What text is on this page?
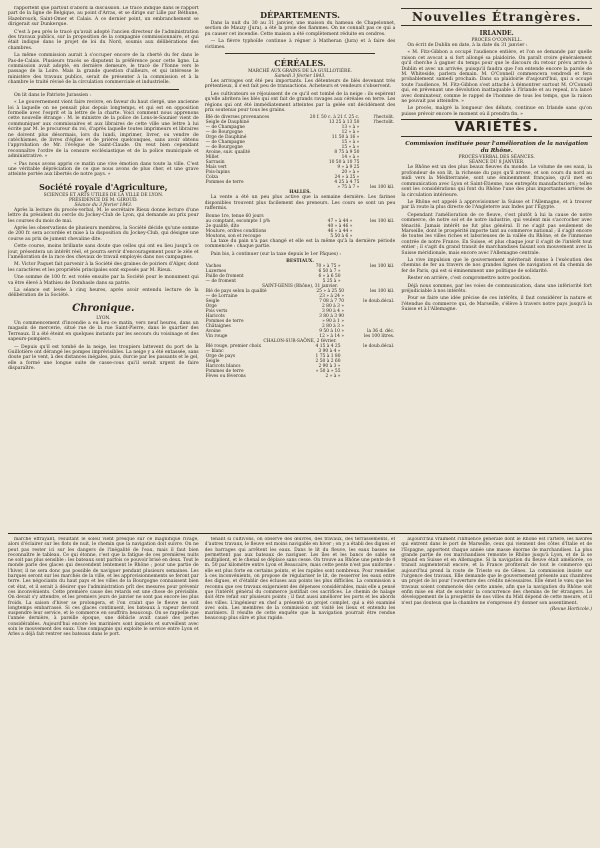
rapportent que partout d'abord la discussion. Le tracé indiqué dans le rapport part de la ligne de Belgique, au point d'Arras, et se dirige sur Lille par Béthune, Hazebrouck, Saint-Omer et Calais. A ce dernier point, un embranchement se dirigerait sur Dunkerque.

C'est à peu près le tracé qu'avait adopté l'ancien directeur de l'administration des travaux publics, sur la proposition de la compagnie commissionnaire, et qui était indiqué dans le projet de loi du Nord, soumis aux délibérations des chambres.

La même commission aurait à s'occuper encore de la cherté du fer dans le Pas-de-Calais. Plusieurs tracés se disputent la préférence pour cette ligne. La commission avait adopté, en dernière demeure, le tracé de l'Yonne vers le passage de la Loire. Mais la grande question d'ailleurs, et qui intéresse le ministère des travaux publics, serait de présenter à la commission et à la chambre le traité révisé de la circulation commerciale et industrielle.

On lit dans le Patriote Jurassien :

« Le gouvernement vient faire revivre, en faveur du haut clergé, une ancienne loi à laquelle on ne pensait plus depuis longtemps, et qui est en opposition formelle avec l'esprit et la lettre de la charte. Voici comment nous apprenons cette nouvelle étrange : M. le ministre de la police de Lons-le-Saunier vient de communiquer aux commissaires et aux libraires de cette ville une lettre à lui écrite par M. le procureur du roi, d'après laquelle toutes imprimeurs et libraires ne doivent plus désormais, lors du lundi, imprimer, livrer, ou vendre de catéchismes, de livres d'église et de prières quelconques, sans avoir obtenu l'approbation de Mr. l'évêque de Saint-Claude. On veut bien cependant reconnaître l'ordre de la censure ecclésiastique et de la police municipale et administrative. »

« Pas nous avons appris ce matin une vive émotion dans toute la ville. C'est une véritable dépréciation de ce que nous avons de plus cher, et une grave atteinte portée aux libertés de notre pays. »

Société royale d'Agriculture,
SCIENCES ET ARTS UTILES DE LA VILLE DE LYON.
PRÉSIDENCE DE M. GIROUD.
Séance du 3 février 1843.

Après la lecture du procès-verbal, M. le secrétaire Rieux donne lecture d'une lettre du président du cercle du Jockey-Club de Lyon, qui demande au prix pour les courses du mois de mai.

Après les observations de plusieurs membres, la Société décide qu'une somme de 200 fr. sera accordée et mise à la disposition du Jockey-Club, qui désigne une course au prix de jument chevaline dite.

Cette course, moins brillante sans doute que celles qui ont eu lieu jusqu'à ce jour, présentera un intérêt réel, et pourra servir d'encouragement pour le zèle et l'amélioration de la race des chevaux de travail employés dans nos campagnes.

M. Victor Paquet fait parvenir à la Société des graines de poiriers d'Alger, dont les caractères et les propriétés principales sont exposés par M. Rieux.

Une somme de 100 fr. est votée ensuite par la Société pour le monument qui va être élevé à Mathieu de Dombasle dans sa patrie.

La séance est levée à cinq heures, après avoir entendu lecture de la délibération de la Société.

Chronique.
LYON.

Un commencement d'incendie a eu lieu ce matin, vers neuf heures, dans un magasin de mercerie, situé rue de la rue Saint-Pierre, dans le quartier des Terreaux. Il a été éteint en quelques instants par les secours du voisinage et des sapeurs-pompiers.

— Depuis qu'il est tombé de la neige, les troupiers lattevent du port de la Guillotière ont dérangé les pompes imprévisibles. La neige y a été entassée, sans doute par le vent, à des distances inégales, puis, durcie par les passants et le gel, elle a formé une longue suite de casse-cous qui'il serait urgent de faire disparaître.

DÉPARTEMENTS.

Dans la nuit du 30 au 31 janvier, une maison du hameau de Chapelonnet, section de Mauzy (Jura), a été la proie des flammes. On ne connaît pas ce qui a pu causer cet incendie. Cette maison a été complètement réduite en cendres.

— La fièvre typhoïde continue à régner à Matheran (Jura) et à faire des victimes.

CÉRÉALES.
MARCHÉ AUX GRAINS DE LA GUILLOTIÈRE.
Samedi 3 février 1843.

Les arrivages ont été peu importants. Les détenteurs de blés devenant très prétentieux, il s'est fait peu de transactions. Acheteurs et vendeurs s'observent.

Les cultivateurs se réjouissent de ce qu'il est tombé de la neige : ils espèrent qu'elle abritera les blés qui ont fait de grands ravages aux céréales en terre. Les régions qui ont été immédiatement atteintes par la gelée ont décidément des prix soutenus pour tous les grains.

Blé de diverses provenances	20 f. 50 c. à 21 f. 25 c.	l'hectolit.
Seigle de Dauphiné	13 25 à 13 50	l'hectolit.
— de Champagne	13 » à »	
— de Bourgogne	12 » à »	
Orge de Dauphiné	11 50 à 16 »	
— de Champagne	15 » à »	
— de Bourgogne	15 » à »	
Avoine, suiv. qualité	8 75 à 9 50	
Millet	14 » à »	
Sarrasin	10 50 à 10 75	
Maïs vert	9 » à 9 25	
Pois-lupins	20 » à »	
Colza	24 » à 25 »	
Pommes de terre	4 25 à 4 75	
	» 75 à 7 »	les 100 kil.
HALLES.

La vente a été un peu plus active que la semaine dernière. Les farines disponibles trouvent plus facilement des preneurs. Les cours se sont un peu raffermis.

Bonne 1re, tenue 60 jours		
au comptant, escompte 1 p%	47 » à 44 »	les 100 kil.
2e qualité, dito	40 » à 46 »	
Moulure, ordres conditions	46 » à 44 »	
Moutons, son et recoupe	5 50 à 6 »	

La taxe du pain n'a pas changé et elle est la même qu'à la dernière période commencée : chaque partie.

Pain bis, à continuer (sur la taxe depuis le 1er Pâques) :

BESTIAUX.
Vaches	70 » à 75 »	les 100 kil.
Luzernes	6 50 à 7 »	
Paille de froment	6 » à 6 50	
— de froment	5 25 à »	
SAINT-GENIS (Rhône), 31 janvier.
Blé de pays selon la qualité	25 » à 25 50	les 100 kil.
— de Lorraine	23 » à 24 »	
Seigle	7 08 à 7 70	le doub.décal.
Orge	2 80 à 3 »	
Pois verts	3 90 à 4 »	
Haricots	3 80 à 3 90	
Pommes de terre	» 90 à 1 »	
Châtaignes	2 80 à 3 »	
Avoine	9 50 à 10 »	la 36 d. déc.
Vin rouge	12 » à 14 »	les 100 litres.
CHALON-SUR-SAÔNE, 2 février.
Blé rouge, premier choix	4 15 à 4 25	le doub.décal.
— blanc	3 90 à 4 »	
Orge de pays	1 75 à 1 80	
Seigle	2 50 à 2 60	
Haricots blancs	2 90 à 3 »	
Pommes de terre	» 50 à » 55	
Fèves ou féverons	2 » à »	
Nouvelles Étrangères.
IRLANDE.
PROCÈS O'CONNELL.

On écrit de Dublin en date, à la date du 31 janvier :

« M. Fitz-Gibbon a occupé l'audience entière, et l'on se demande par quelle raison cet avocat a si fort allongé sa plaidoirie. On paraît croire généralement qu'il cherche à gagner du temps pour que le discours du retour prévu arrive à Dublin et avec un arrivée, puisqu'il faudra que l'on entende encore la parole de M. Whiteside, parlera demain. M. O'Connell commencera vendredi et fera probablement samedi prochain. Dans sa plaidoirie d'aujourd'hui, qui a occupé toute l'audience, M. Fitz-Gibbon s'est attaché à démontrer surtout M. O'Connell qui, en prévenant une dévolution inattaquable à l'Irlande et au repeal, n'a lancé avec dominateur, comme le rappel de l'homme de tous les temps, que la raison ne pouvait pas atteindre. »

Le procès, malgré la longueur des débats, continue en Irlande sans qu'on puisse prévoir encore le moment où il prendra fin. »

VARIÉTÉS.
Commission instituée pour l'amélioration de la navigation du Rhône.
PROCÈS-VERBAL DES SÉANCES.
SÉANCE DU 8 JANVIER.

Le Rhône est un des plus beaux fleuves du monde. Le volume de ses eaux, la profondeur de son lit, la richesse du pays qu'il arrose, et son cours du nord au midi vers la Méditerranée, sont une éminemment française, qu'il met en communication avec Lyon et Saint-Étienne, nos entrepôts manufacturiers ; telles sont les considérations qui font du Rhône l'une des plus importantes artères de la circulation intérieure.

Le Rhône est appelé à approvisionner la Suisse et l'Allemagne, et à trouver par là route la plus directe de l'Angleterre aux Indes par l'Égypte.

Cependant l'amélioration de ce fleuve, c'est plutôt à lui la cause de notre commerce, de notre sol et de notre industrie, qui veulent mis s'accrocher avec ténacité. Jamais intérêt ne fut plus général. Il ne s'agit pas seulement de Marseille, dont le prospérité importe tant au commerce national ; il s'agit encore de toutes les villes riches et laborieuses de la vallée du Rhône, et de l'immense contrée de notre France. En Suisse, et plus chaque jour il s'agit de l'intérêt tout entier ; il s'agit du grand transit de marchandises faisant son mouvement avec la Suisse méridionale, mais encore avec l'Allemagne centrale.

La vive impulsion que le gouvernement mériterait donne à l'exécution des chemins de fer au travers de nos grandes lignes de navigation et du chemin de fer de Paris, qui est si éminemment une politique de solidarité.

Rester en arrière, c'est compromettre notre position.

Déjà nous sommes, par les voies de communication, dans une infériorité fort préjudiciable à nos intérêts.

Pour se faire une idée précise de ces intérêts, il faut considérer la nature et l'étendue du commerce qui, de Marseille, s'élève à travers notre pays jusqu'à la Suisse et à l'Allemagne.

marche effrayant, résultant le soleil vient presque sur ce magnifique rivage, alors d'éclairer sur les flots de nuit, le chemin que la navigation doit suivre. On ne peut pas rester ici sur les dangers de l'inégalité de l'eau, mais il faut bien reconnaître le tableau. Ce qui étonne, c'est que la fatigue de ces premières nuits ne soit pas plus sensible : les bateaux sont parfois ce pouvoir brisé en deux. Tout le monde parle des glaces qui descendent lentement le Rhône ; pour une partie de l'hiver, il ne sera donc pas possible de naviguer pendant plusieurs semaines. Les barques seront sur les marchés de la ville, et les approvisionnements se feront par terre. Les négociants du haut pays et les villes de la Bourgogne connaissent bien cet état, et il serait à désirer que l'administration prît des mesures pour prévenir ces inconvénients. Cette première cause des retards est une chose de prévisible. On devait s'y attendre, et les premiers jours de janvier ne sont pas encore les plus froids. La saison d'hiver se prolongera, et l'on craint que le fleuve ne soit longtemps embarrassé. Si ces glaces continuent, les bateaux à vapeur devront suspendre leur service, et le commerce en souffrira beaucoup. On se rappelle que l'année dernière, à pareille époque, une débâcle avait causé des pertes considérables. Aujourd'hui encore les mariniers sont inquiets et surveillent avec soin le mouvement des eaux. Une compagnie qui exploite le service entre Lyon et Arles a déjà fait rentrer ses bateaux dans le port.

tenant si cultivons, on observe des œuvres, des travaux, des terrassements, et d'autres travaux, le fleuve est moins navigable en hiver ; on y a établi des digues et des barrages qui arrêtent les eaux. Dans le lit du fleuve, les eaux basses ne permettent pas aux bateaux de naviguer. Les îles et les bancs de sable se multiplient, et le chenal se déplace sans cesse. On trouve au Rhône une pente de 0 m. 50 par kilomètre entre Lyon et Beaucaire, mais cette pente n'est pas uniforme : elle est plus forte en certains points, et les rapides sont nombreux. Pour remédier à ces inconvénients, on propose de régulariser le lit, de resserrer les eaux entre des digues, et d'établir des écluses aux points les plus difficiles. La commission a reconnu que ces travaux exigeraient des dépenses considérables, mais elle a pensé que l'intérêt général du commerce justifiait ces sacrifices. Le chemin de halage doit être refait sur plusieurs points ; il faut aussi améliorer les ports et les abords des villes. L'ingénieur en chef a présenté un projet complet, qui a été examiné avec soin. Les membres de la commission ont visité les lieux et entendu les mariniers. Il résulte de cette enquête que la navigation pourrait être rendue beaucoup plus sûre et plus rapide.

aujourd'hui vraiment l'influence générale dont le Rhône est l'artère, les navires qui entrent dans le port de Marseille, ceux qui viennent des côtes d'Italie et de l'Espagne, apportent chaque année une masse énorme de marchandises. La plus grande partie de ces marchandises remonte le Rhône jusqu'à Lyon, et de là se répand en Suisse et en Allemagne. Si la navigation du fleuve était améliorée, ce transit augmenterait encore, et la France profiterait de tout le commerce qui aujourd'hui prend la route de Trieste ou de Gênes. La commission insiste sur l'urgence des travaux. Elle demande que le gouvernement présente aux chambres un projet de loi pour l'ouverture des crédits nécessaires. Elle émet le vœu que les travaux soient commencés dès cette année, afin que la navigation du Rhône soit enfin mise en état de soutenir la concurrence des chemins de fer étrangers. Le développement de la prospérité de nos villes du Midi dépend de cette mesure, et il n'est pas douteux que la chambre ne s'empresse d'y donner son assentiment.

(Revue Horticole.)
